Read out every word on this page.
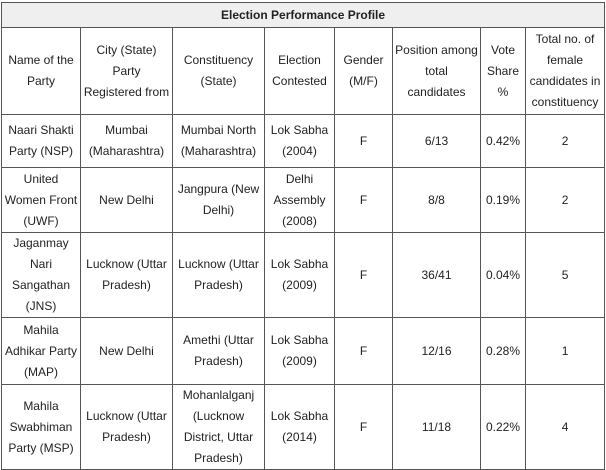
Election Performance Profile							
Name of the Party	City (State) Party Registered from	Constituency (State)	Election Contested	Gender (M/F)	Position among total candidates	Vote Share %	Total no. of female candidates in constituency
Naari Shakti Party (NSP)	Mumbai (Maharashtra)	Mumbai North (Maharashtra)	Lok Sabha (2004)	F	6/13	0.42%	2
United Women Front (UWF)	New Delhi	Jangpura (New Delhi)	Delhi Assembly (2008)	F	8/8	0.19%	2
Jaganmay Nari Sangathan (JNS)	Lucknow (Uttar Pradesh)	Lucknow (Uttar Pradesh)	Lok Sabha (2009)	F	36/41	0.04%	5
Mahila Adhikar Party (MAP)	New Delhi	Amethi (Uttar Pradesh)	Lok Sabha (2009)	F	12/16	0.28%	1
Mahila Swabhiman Party (MSP)	Lucknow (Uttar Pradesh)	Mohanlalganj (Lucknow District, Uttar Pradesh)	Lok Sabha (2014)	F	11/18	0.22%	4
